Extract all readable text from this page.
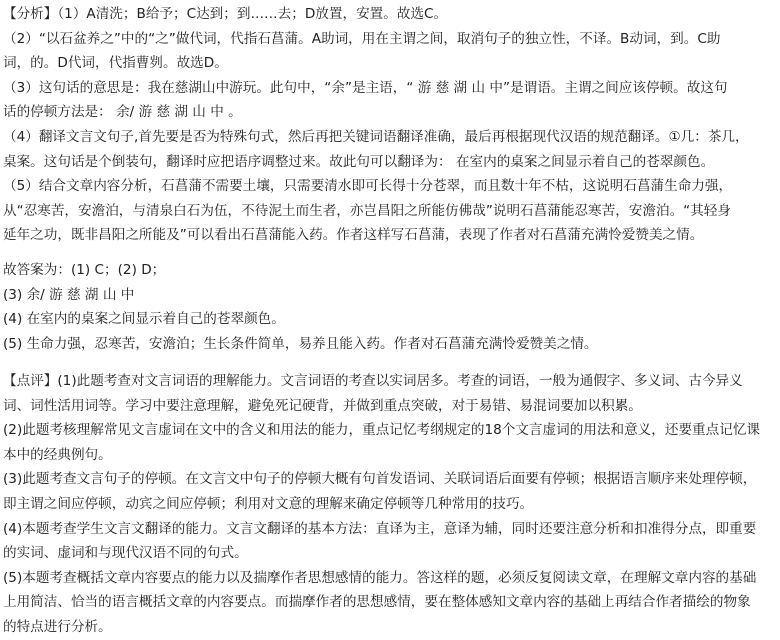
【分析】（1）A清洗；B给予；C达到；到……去；D放置，安置。故选C。
（2）“以石盆养之”中的“之”做代词，代指石菖蒲。A助词，用在主谓之间，取消句子的独立性，不译。B动词，到。C助
词，的。D代词，代指曹刿。故选D。
（3）这句话的意思是：我在慈湖山中游玩。此句中，“余”是主语，“ 游 慈 湖 山 中”是谓语。主谓之间应该停顿。故这句
话的停顿方法是： 余/ 游 慈 湖 山 中 。
（4）翻译文言文句子,首先要是否为特殊句式，然后再把关键词语翻译准确，最后再根据现代汉语的规范翻译。①几：茶几，
桌案。这句话是个倒装句，翻译时应把语序调整过来。故此句可以翻译为： 在室内的桌案之间显示着自己的苍翠颜色。
（5）结合文章内容分析，石菖蒲不需要土壤，只需要清水即可长得十分苍翠，而且数十年不枯，这说明石菖蒲生命力强，
从“忍寒苦，安澹泊，与清泉白石为伍，不待泥土而生者，亦岂昌阳之所能仿佛哉”说明石菖蒲能忍寒苦，安澹泊。“其轻身
延年之功，既非昌阳之所能及”可以看出石菖蒲能入药。作者这样写石菖蒲，表现了作者对石菖蒲充满怜爱赞美之情。
故答案为：(1) C；(2) D；
(3) 余/ 游 慈 湖 山 中
(4) 在室内的桌案之间显示着自己的苍翠颜色。
(5) 生命力强，忍寒苦，安澹泊；生长条件简单，易养且能入药。作者对石菖蒲充满怜爱赞美之情。
【点评】(1)此题考查对文言词语的理解能力。文言词语的考查以实词居多。考查的词语，一般为通假字、多义词、古今异义
词、词性活用词等。学习中要注意理解，避免死记硬背，并做到重点突破，对于易错、易混词要加以积累。
(2)此题考核理解常见文言虚词在文中的含义和用法的能力，重点记忆考纲规定的18个文言虚词的用法和意义，还要重点记忆课
本中的经典例句。
(3)此题考查文言句子的停顿。在文言文中句子的停顿大概有句首发语词、关联词语后面要有停顿；根据语言顺序来处理停顿，
即主谓之间应停顿，动宾之间应停顿；利用对文意的理解来确定停顿等几种常用的技巧。
(4)本题考查学生文言文翻译的能力。文言文翻译的基本方法：直译为主，意译为辅，同时还要注意分析和扣准得分点，即重要
的实词、虚词和与现代汉语不同的句式。
(5)本题考查概括文章内容要点的能力以及揣摩作者思想感情的能力。答这样的题，必须反复阅读文章，在理解文章内容的基础
上用简洁、恰当的语言概括文章的内容要点。而揣摩作者的思想感情，要在整体感知文章内容的基础上再结合作者描绘的物象
的特点进行分析。
